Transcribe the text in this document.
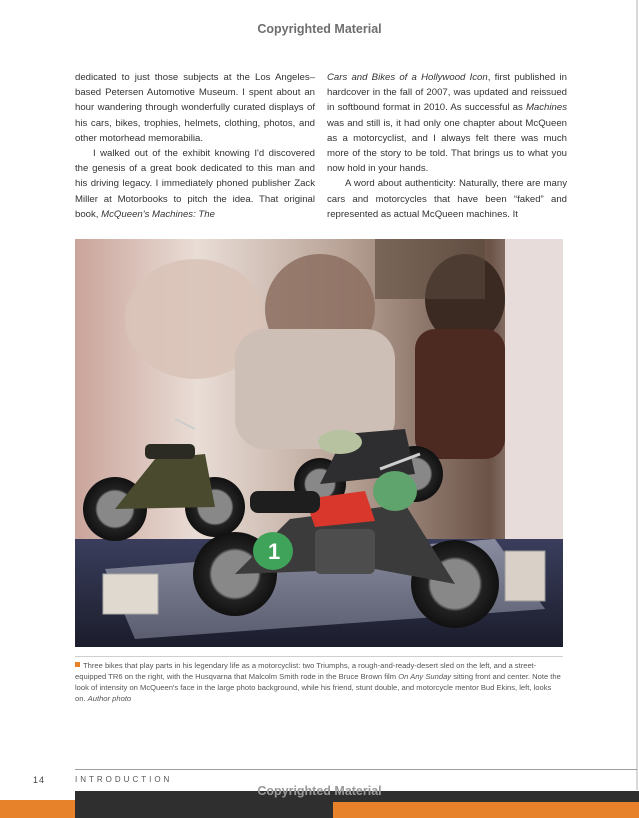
Copyrighted Material

dedicated to just those subjects at the Los Angeles–based Petersen Automotive Museum. I spent about an hour wandering through wonderfully curated displays of his cars, bikes, trophies, helmets, clothing, photos, and other motorhead memorabilia.

I walked out of the exhibit knowing I'd discovered the genesis of a great book dedicated to this man and his driving legacy. I immediately phoned publisher Zack Miller at Motorbooks to pitch the idea. That original book, McQueen's Machines: The

Cars and Bikes of a Hollywood Icon, first published in hardcover in the fall of 2007, was updated and reissued in softbound format in 2010. As successful as Machines was and still is, it had only one chapter about McQueen as a motorcyclist, and I always felt there was much more of the story to be told. That brings us to what you now hold in your hands.

A word about authenticity: Naturally, there are many cars and motorcycles that have been “faked” and represented as actual McQueen machines. It

1
Three bikes that play parts in his legendary life as a motorcyclist: two Triumphs, a rough-and-ready-desert sled on the left, and a street-equipped TR6 on the right, with the Husqvarna that Malcolm Smith rode in the Bruce Brown film On Any Sunday sitting front and center. Note the look of intensity on McQueen's face in the large photo background, while his friend, stunt double, and motorcycle mentor Bud Ekins, left, looks on. Author photo
14	INTRODUCTION
Copyrighted Material
